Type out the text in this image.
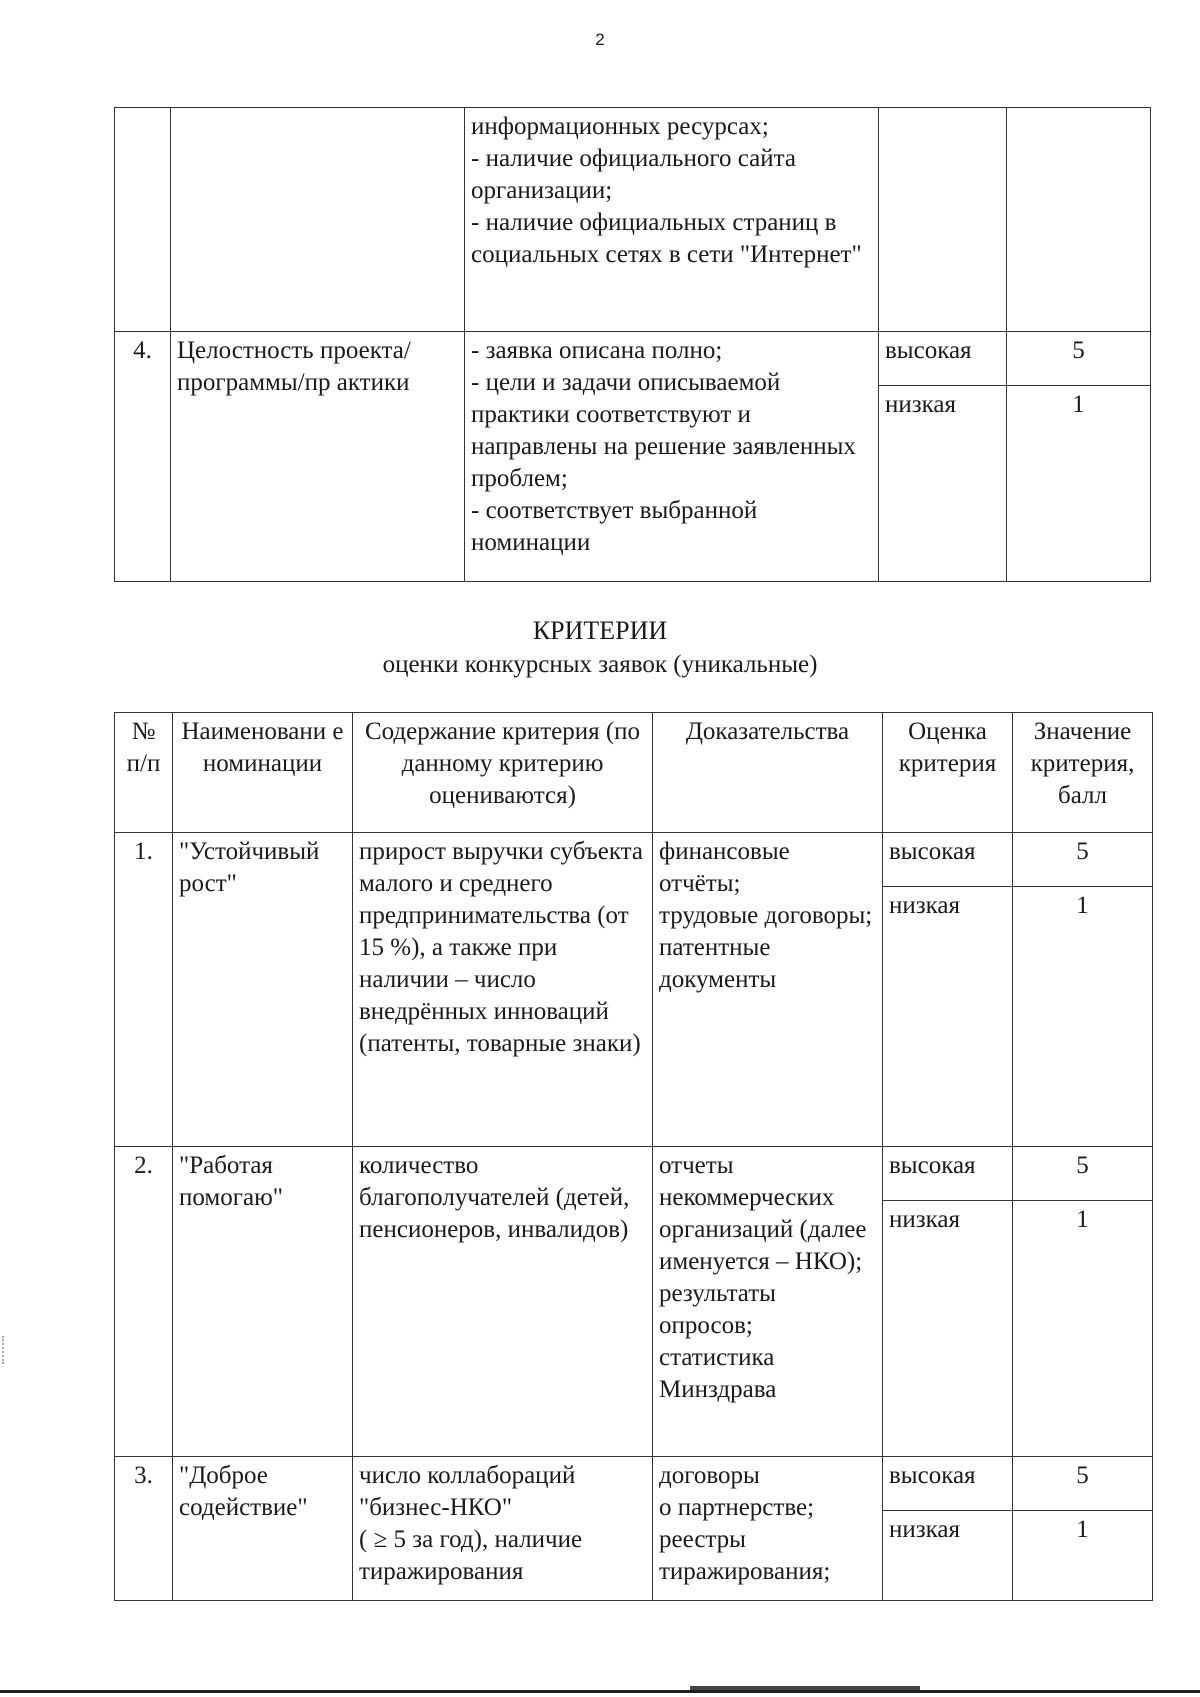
2
		информационных ресурсах;
- наличие официального сайта организации;
- наличие официальных страниц в социальных сетях в сети "Интернет"		
4.	Целостность проекта/программы/пр актики	- заявка описана полно;
- цели и задачи описываемой практики соответствуют и направлены на решение заявленных проблем;
- соответствует выбранной номинации	высокая	5
			низкая	1
КРИТЕРИИ
оценки конкурсных заявок (уникальные)
№
п/п	Наименовани е номинации	Содержание критерия (по данному критерию оцениваются)	Доказательства	Оценка критерия	Значение критерия, балл
1.	"Устойчивый рост"	прирост выручки субъекта малого и среднего предпринимательства (от 15 %), а также при наличии – число внедрённых инноваций (патенты, товарные знаки)	финансовые отчёты;
трудовые договоры;
патентные документы	высокая	5
				низкая	1
2.	"Работая помогаю"	количество благополучателей (детей, пенсионеров, инвалидов)	отчеты некоммерческих организаций (далее именуется – НКО);
результаты опросов;
статистика Минздрава	высокая	5
				низкая	1
3.	"Доброе содействие"	число коллабораций "бизнес-НКО"
( ≥ 5 за год), наличие тиражирования	договоры
о партнерстве;
реестры тиражирования;	высокая	5
				низкая	1
